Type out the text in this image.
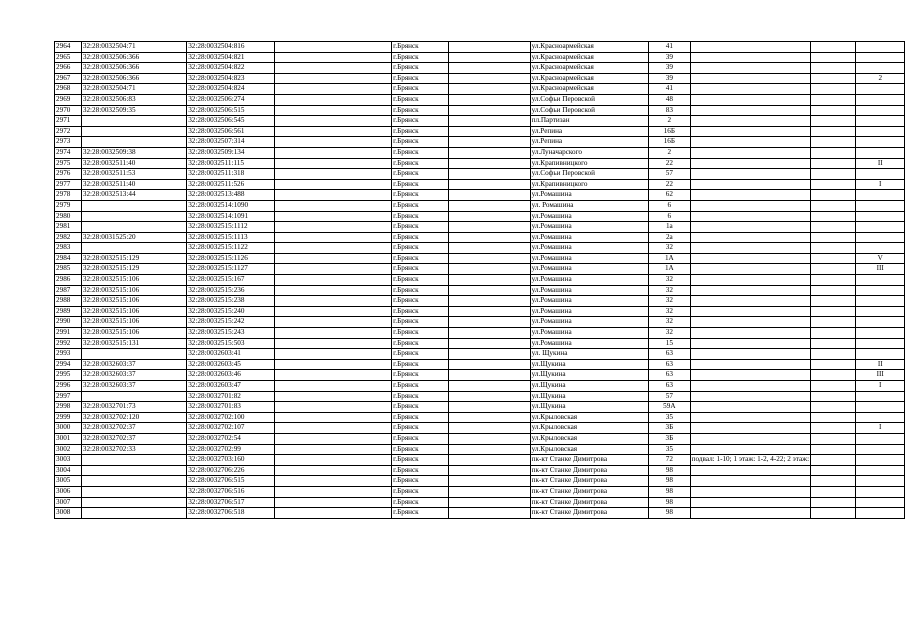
2964	32:28:0032504:71	32:28:0032504:816		г.Брянск		ул.Красноармейская	41			
2965	32:28:0032506:366	32:28:0032504:821		г.Брянск		ул.Красноармейская	39			
2966	32:28:0032506:366	32:28:0032504:822		г.Брянск		ул.Красноармейская	39			
2967	32:28:0032506:366	32:28:0032504:823		г.Брянск		ул.Красноармейская	39			2
2968	32:28:0032504:71	32:28:0032504:824		г.Брянск		ул.Красноармейская	41			
2969	32:28:0032506:83	32:28:0032506:274		г.Брянск		ул.Софьи Перовской	48			
2970	32:28:0032509:35	32:28:0032506:515		г.Брянск		ул.Софьи Перовской	83			
2971		32:28:0032506:545		г.Брянск		пл.Партизан	2			
2972		32:28:0032506:561		г.Брянск		ул.Репина	16Б			
2973		32:28:0032507:314		г.Брянск		ул.Репина	16Б			
2974	32:28:0032509:38	32:28:0032509:134		г.Брянск		ул.Луначарского	2			
2975	32:28:0032511:40	32:28:0032511:115		г.Брянск		ул.Крапивницкого	22			II
2976	32:28:0032511:53	32:28:0032511:318		г.Брянск		ул.Софьи Перовской	57			
2977	32:28:0032511:40	32:28:0032511:526		г.Брянск		ул.Крапивницкого	22			I
2978	32:28:0032513:44	32:28:0032513:488		г.Брянск		ул.Ромашина	62			
2979		32:28:0032514:1090		г.Брянск		ул. Ромашина	6			
2980		32:28:0032514:1091		г.Брянск		ул.Ромашина	6			
2981		32:28:0032515:1112		г.Брянск		ул.Ромашина	1а			
2982	32:28:0031525:20	32:28:0032515:1113		г.Брянск		ул.Ромашина	2а			
2983		32:28:0032515:1122		г.Брянск		ул.Ромашина	32			
2984	32:28:0032515:129	32:28:0032515:1126		г.Брянск		ул.Ромашина	1А			V
2985	32:28:0032515:129	32:28:0032515:1127		г.Брянск		ул.Ромашина	1А			III
2986	32:28:0032515:106	32:28:0032515:167		г.Брянск		ул.Ромашина	32			
2987	32:28:0032515:106	32:28:0032515:236		г.Брянск		ул.Ромашина	32			
2988	32:28:0032515:106	32:28:0032515:238		г.Брянск		ул.Ромашина	32			
2989	32:28:0032515:106	32:28:0032515:240		г.Брянск		ул.Ромашина	32			
2990	32:28:0032515:106	32:28:0032515:242		г.Брянск		ул.Ромашина	32			
2991	32:28:0032515:106	32:28:0032515:243		г.Брянск		ул.Ромашина	32			
2992	32:28:0032515:131	32:28:0032515:503		г.Брянск		ул.Ромашина	15			
2993		32:28:0032603:41		г.Брянск		ул. Щукина	63			
2994	32:28:0032603:37	32:28:0032603:45		г.Брянск		ул.Щукина	63			II
2995	32:28:0032603:37	32:28:0032603:46		г.Брянск		ул.Щукина	63			III
2996	32:28:0032603:37	32:28:0032603:47		г.Брянск		ул.Щукина	63			I
2997		32:28:0032701:82		г.Брянск		ул.Щукина	57			
2998	32:28:0032701:73	32:28:0032701:83		г.Брянск		ул.Щукина	59А			
2999	32:28:0032702:120	32:28:0032702:100		г.Брянск		ул.Крыловская	35			
3000	32:28:0032702:37	32:28:0032702:107		г.Брянск		ул.Крыловская	3Б			I
3001	32:28:0032702:37	32:28:0032702:54		г.Брянск		ул.Крыловская	3Б			
3002	32:28:0032702:33	32:28:0032702:99		г.Брянск		ул.Крыловская	35			
3003		32:28:0032703:160		г.Брянск		пк-кт Станке Димитрова	72	подвал: 1-10; 1 этаж: 1-2, 4-22; 2 этаж:		
3004		32:28:0032706:226		г.Брянск		пк-кт Станке Димитрова	98			
3005		32:28:0032706:515		г.Брянск		пк-кт Станке Димитрова	98			
3006		32:28:0032706:516		г.Брянск		пк-кт Станке Димитрова	98			
3007		32:28:0032706:517		г.Брянск		пк-кт Станке Димитрова	98			
3008		32:28:0032706:518		г.Брянск		пк-кт Станке Димитрова	98			
